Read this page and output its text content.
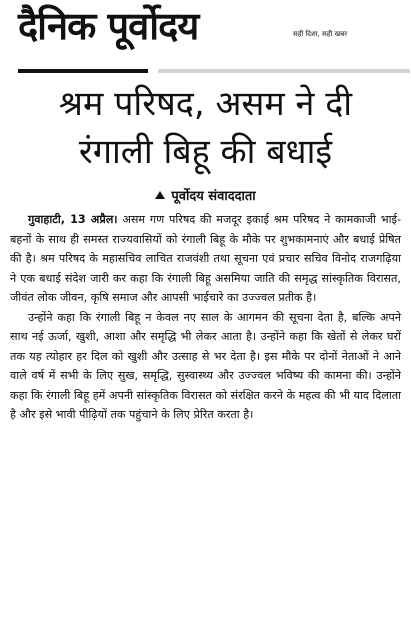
दैनिक पूर्वोदय	सही दिशा, सही खबर
श्रम परिषद, असम ने दी
रंगाली बिहू की बधाई
पूर्वोदय संवाददाता

गुवाहाटी, 13 अप्रैल। असम गण परिषद की मजदूर इकाई श्रम परिषद ने कामकाजी भाई-बहनों के साथ ही समस्त राज्यवासियों को रंगाली बिहू के मौके पर शुभकामनाएं और बधाई प्रेषित की है। श्रम परिषद के महासचिव लाचित राजवंशी तथा सूचना एवं प्रचार सचिव विनोद राजगढ़िया ने एक बधाई संदेश जारी कर कहा कि रंगाली बिहू असमिया जाति की समृद्ध सांस्कृतिक विरासत, जीवंत लोक जीवन, कृषि समाज और आपसी भाईचारे का उज्ज्वल प्रतीक है।

उन्होंने कहा कि रंगाली बिहू न केवल नए साल के आगमन की सूचना देता है, बल्कि अपने साथ नई ऊर्जा, खुशी, आशा और समृद्धि भी लेकर आता है। उन्होंने कहा कि खेतों से लेकर घरों तक यह त्योहार हर दिल को खुशी और उत्साह से भर देता है। इस मौके पर दोनों नेताओं ने आने वाले वर्ष में सभी के लिए सुख, समृद्धि, सुस्वास्थ्य और उज्ज्वल भविष्य की कामना की। उन्होंने कहा कि रंगाली बिहू हमें अपनी सांस्कृतिक विरासत को संरक्षित करने के महत्व की भी याद दिलाता है और इसे भावी पीढ़ियों तक पहुंचाने के लिए प्रेरित करता है।
